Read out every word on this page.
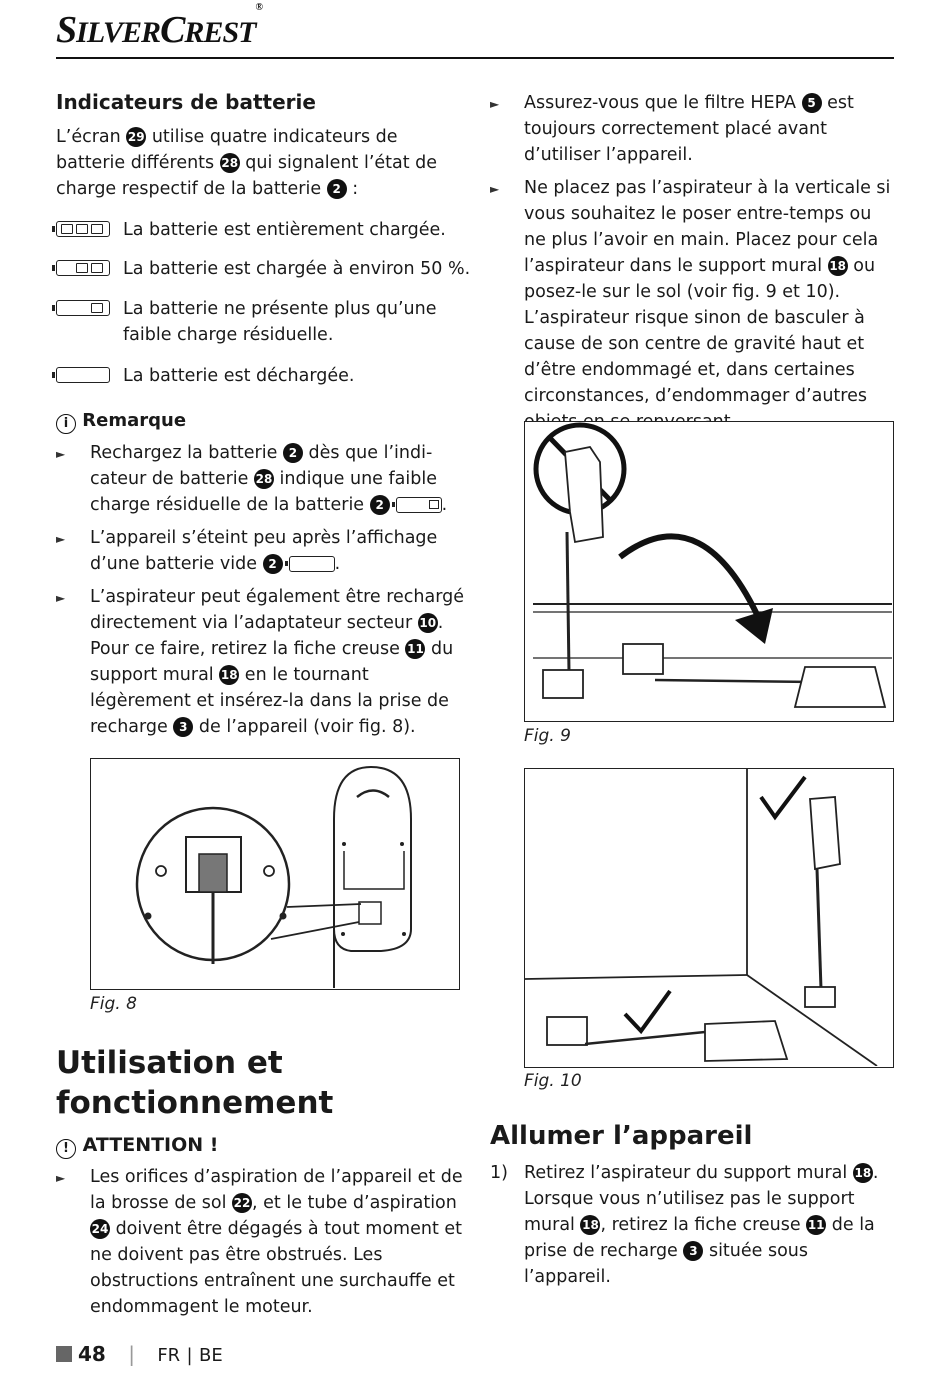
SILVERCREST®
Indicateurs de batterie
L’écran 29 utilise quatre indicateurs de batterie différents 28 qui signalent l’état de charge respectif de la batterie 2 :
La batterie est entièrement chargée.
La batterie est chargée à environ 50 %.
La batterie ne présente plus qu’une faible charge résiduelle.
La batterie est déchargée.
i Remarque
► Rechargez la batterie 2 dès que l’indicateur de batterie 28 indique une faible charge résiduelle de la batterie 2	.
► L’appareil s’éteint peu après l’affichage d’une batterie vide 2	.
► L’aspirateur peut également être rechargé directement via l’adaptateur secteur 10. Pour ce faire, retirez la fiche creuse 11 du support mural 18 en le tournant légèrement et insérez-la dans la prise de recharge 3 de l’appareil (voir fig. 8).
Fig. 8
Utilisation et
fonctionnement
! ATTENTION !
► Les orifices d’aspiration de l’appareil et de la brosse de sol 22, et le tube d’aspiration 24 doivent être dégagés à tout moment et ne doivent pas être obstrués. Les obstructions entraînent une surchauffe et endommagent le moteur.
► Assurez-vous que le filtre HEPA 5 est toujours correctement placé avant d’utiliser l’appareil.
► Ne placez pas l’aspirateur à la verticale si vous souhaitez le poser entre-temps ou ne plus l’avoir en main. Placez pour cela l’aspirateur dans le support mural 18 ou posez-le sur le sol (voir fig. 9 et 10). L’aspirateur risque sinon de basculer à cause de son centre de gravité haut et d’être endommagé et, dans certaines circonstances, d’endommager d’autres
Fig. 9
Fig. 10
Allumer l’appareil
1) Retirez l’aspirateur du support mural 18. Lorsque vous n’utilisez pas le support mural 18, retirez la fiche creuse 11 de la prise de recharge 3 située sous l’appareil.
48 | FR | BE
